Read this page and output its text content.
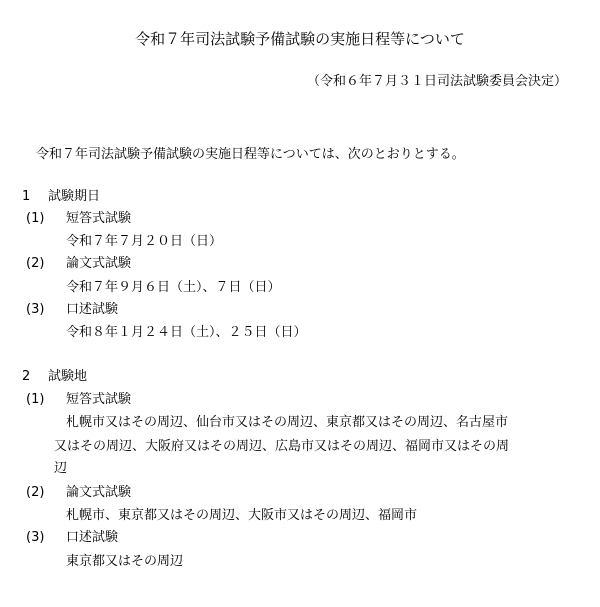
令和７年司法試験予備試験の実施日程等について
（令和６年７月３１日司法試験委員会決定）
令和７年司法試験予備試験の実施日程等については、次のとおりとする。
1 試験期日
(1) 短答式試験
令和７年７月２０日（日）
(2) 論文式試験
令和７年９月６日（土）、７日（日）
(3) 口述試験
令和８年１月２４日（土）、２５日（日）
2 試験地
(1) 短答式試験
札幌市又はその周辺、仙台市又はその周辺、東京都又はその周辺、名古屋市
又はその周辺、大阪府又はその周辺、広島市又はその周辺、福岡市又はその周
辺
(2) 論文式試験
札幌市、東京都又はその周辺、大阪市又はその周辺、福岡市
(3) 口述試験
東京都又はその周辺
